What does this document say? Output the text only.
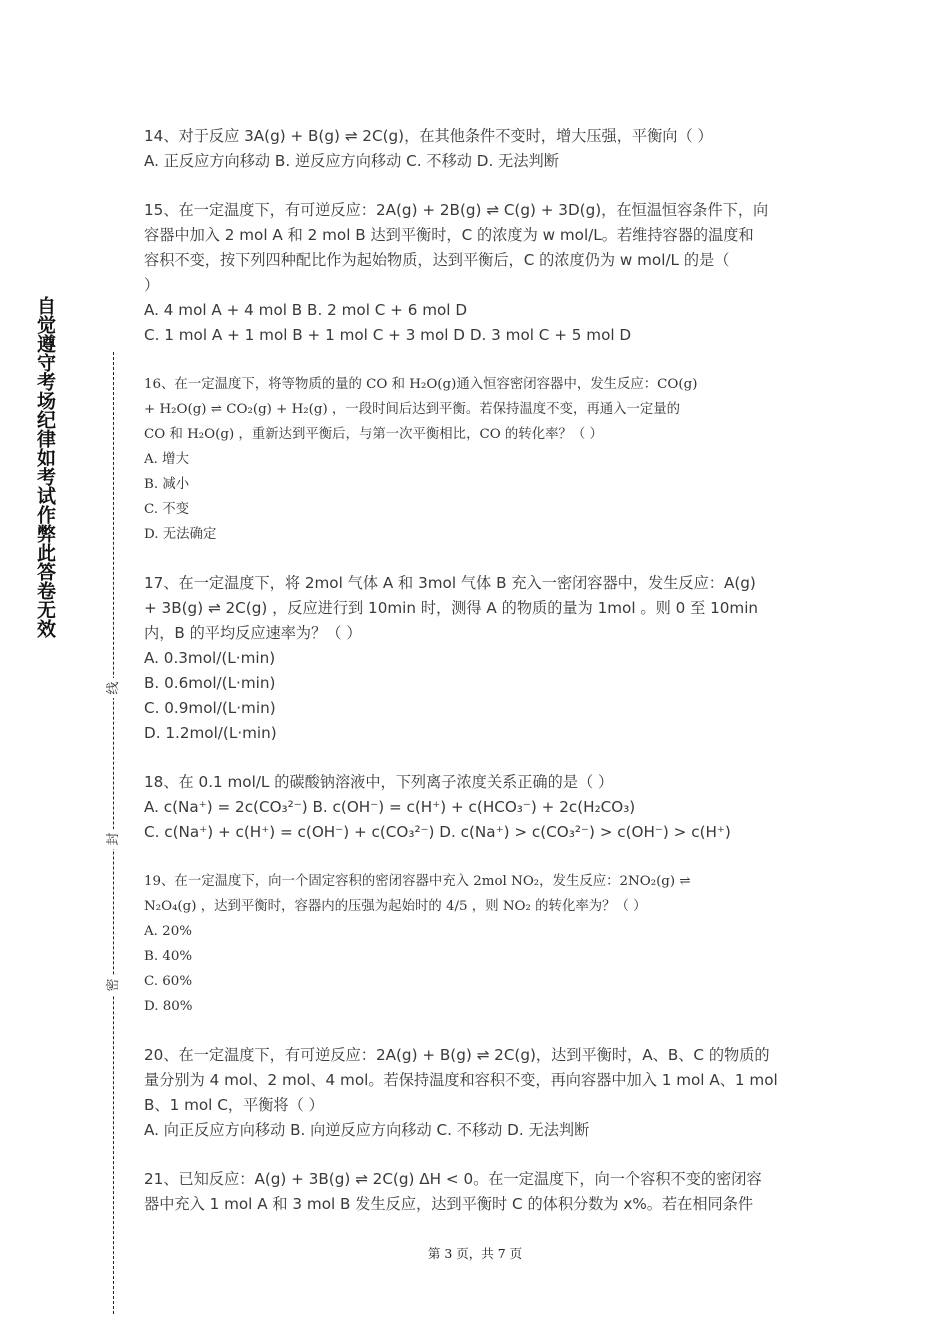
自觉遵守考场纪律如考试作弊此答卷无效
线
封
密
14、对于反应 3A(g) + B(g) ⇌ 2C(g)，在其他条件不变时，增大压强，平衡向（ ）
A. 正反应方向移动 B. 逆反应方向移动 C. 不移动 D. 无法判断
15、在一定温度下，有可逆反应：2A(g) + 2B(g) ⇌ C(g) + 3D(g)，在恒温恒容条件下，向
容器中加入 2 mol A 和 2 mol B 达到平衡时，C 的浓度为 w mol/L。若维持容器的温度和
容积不变，按下列四种配比作为起始物质，达到平衡后，C 的浓度仍为 w mol/L 的是（
）
A. 4 mol A + 4 mol B B. 2 mol C + 6 mol D
C. 1 mol A + 1 mol B + 1 mol C + 3 mol D D. 3 mol C + 5 mol D
16、在一定温度下，将等物质的量的 CO 和 H₂O(g)通入恒容密闭容器中，发生反应：CO(g)
+ H₂O(g) ⇌ CO₂(g) + H₂(g) ，一段时间后达到平衡。若保持温度不变，再通入一定量的
CO 和 H₂O(g) ，重新达到平衡后，与第一次平衡相比，CO 的转化率？（ ）
A. 增大
B. 减小
C. 不变
D. 无法确定
17、在一定温度下，将 2mol 气体 A 和 3mol 气体 B 充入一密闭容器中，发生反应：A(g)
+ 3B(g) ⇌ 2C(g) ，反应进行到 10min 时，测得 A 的物质的量为 1mol 。则 0 至 10min
内，B 的平均反应速率为？（ ）
A. 0.3mol/(L·min)
B. 0.6mol/(L·min)
C. 0.9mol/(L·min)
D. 1.2mol/(L·min)
18、在 0.1 mol/L 的碳酸钠溶液中，下列离子浓度关系正确的是（ ）
A. c(Na⁺) = 2c(CO₃²⁻) B. c(OH⁻) = c(H⁺) + c(HCO₃⁻) + 2c(H₂CO₃)
C. c(Na⁺) + c(H⁺) = c(OH⁻) + c(CO₃²⁻) D. c(Na⁺) > c(CO₃²⁻) > c(OH⁻) > c(H⁺)
19、在一定温度下，向一个固定容积的密闭容器中充入 2mol NO₂，发生反应：2NO₂(g) ⇌
N₂O₄(g) ，达到平衡时，容器内的压强为起始时的 4/5 ，则 NO₂ 的转化率为？（ ）
A. 20%
B. 40%
C. 60%
D. 80%
20、在一定温度下，有可逆反应：2A(g) + B(g) ⇌ 2C(g)，达到平衡时，A、B、C 的物质的
量分别为 4 mol、2 mol、4 mol。若保持温度和容积不变，再向容器中加入 1 mol A、1 mol
B、1 mol C，平衡将（ ）
A. 向正反应方向移动 B. 向逆反应方向移动 C. 不移动 D. 无法判断
21、已知反应：A(g) + 3B(g) ⇌ 2C(g) ΔH < 0。在一定温度下，向一个容积不变的密闭容
器中充入 1 mol A 和 3 mol B 发生反应，达到平衡时 C 的体积分数为 x%。若在相同条件
第 3 页，共 7 页
